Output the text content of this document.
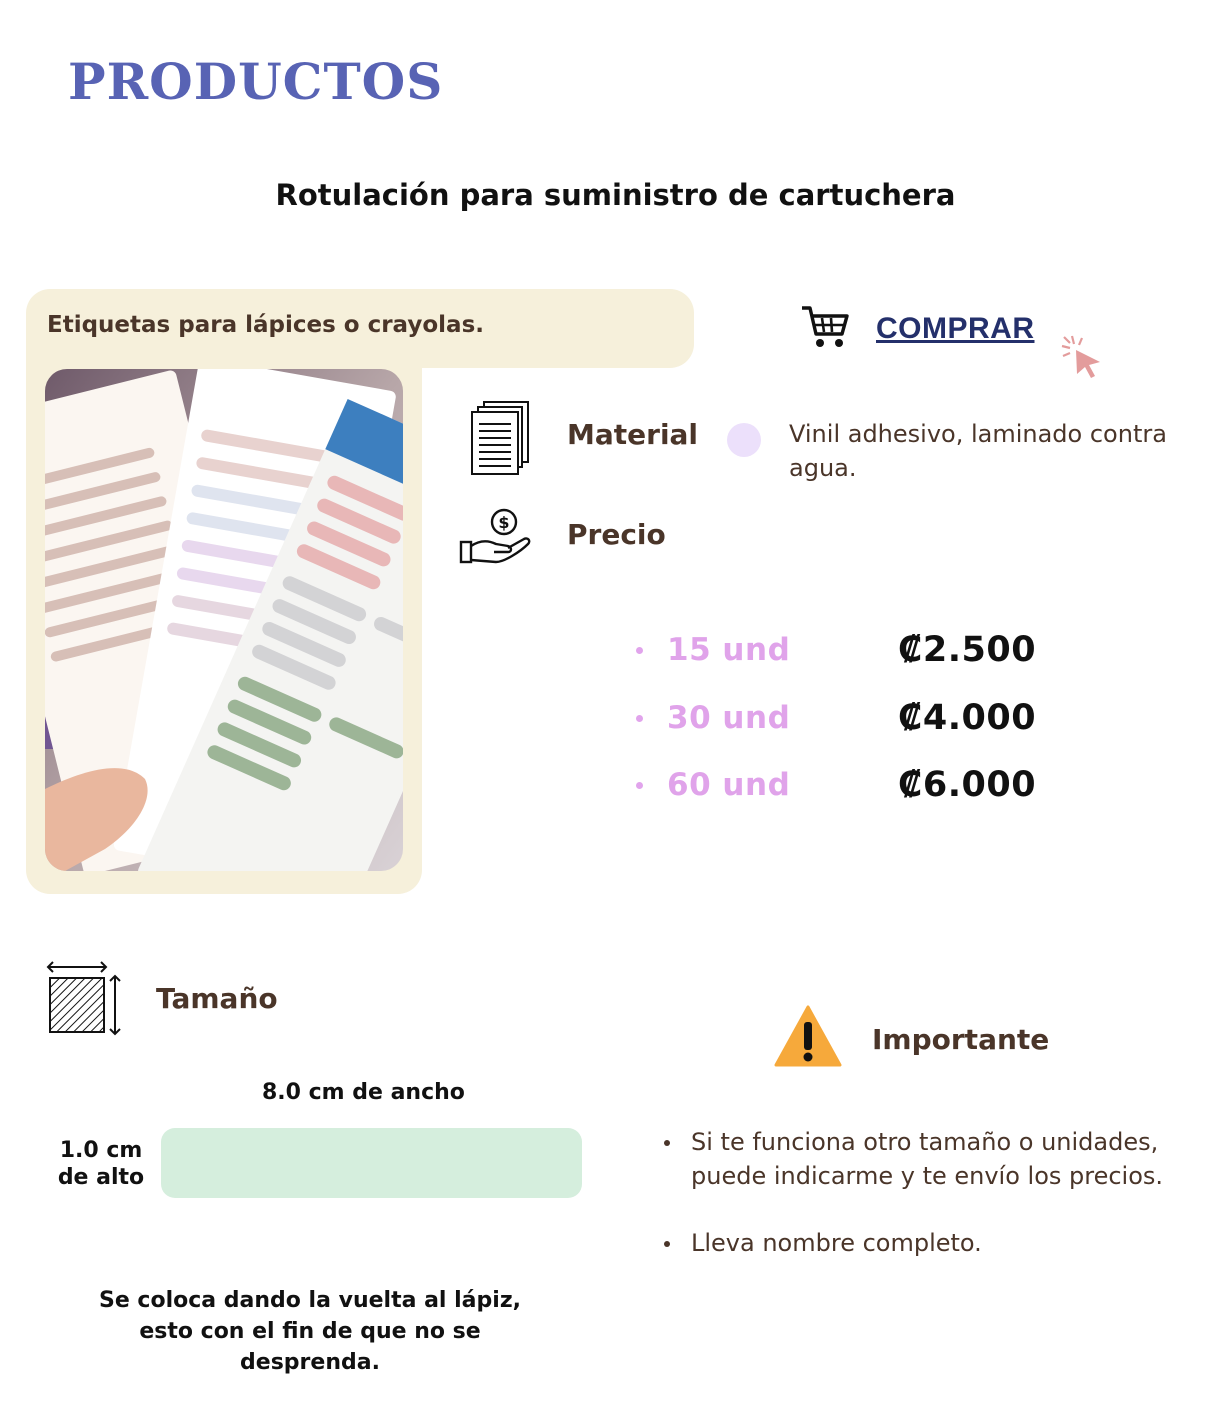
PRODUCTOS
Rotulación para suministro de cartuchera
Etiquetas para lápices o crayolas.	COMPRAR
Material	Vinil adhesivo, laminado contra agua.
$ Precio
15 und	₡2.500
30 und	₡4.000
60 und	₡6.000
Tamaño
8.0 cm de ancho
1.0 cm
de alto
Se coloca dando la vuelta al lápiz, esto con el fin de que no se desprenda.
Importante
Si te funciona otro tamaño o unidades, puede indicarme y te envío los precios.
Lleva nombre completo.
